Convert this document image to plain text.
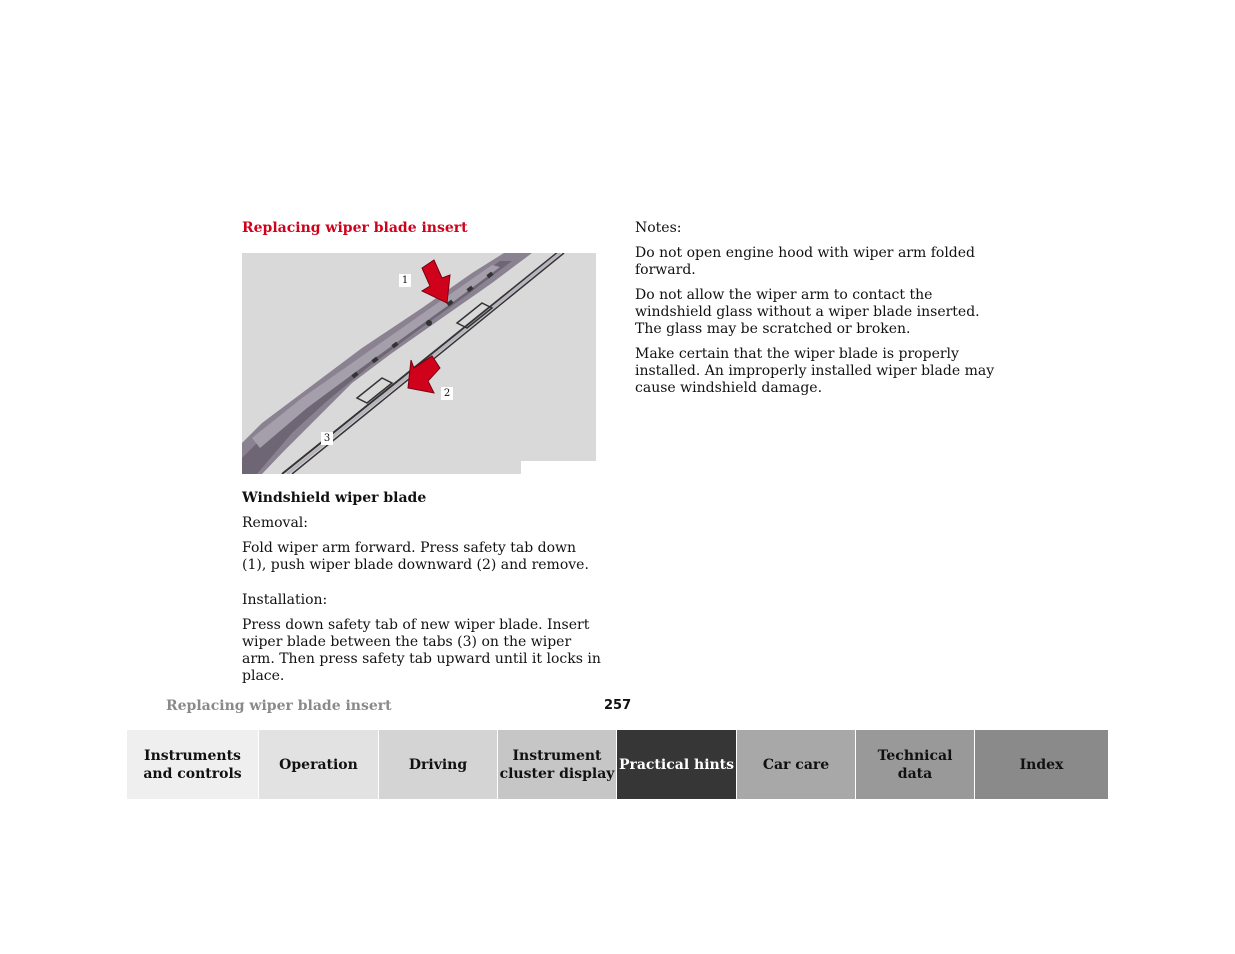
Replacing wiper blade insert
1
2
3
Windshield wiper blade
Removal:
Fold wiper arm forward. Press safety tab down (1), push wiper blade downward (2) and remove.
Installation:
Press down safety tab of new wiper blade. Insert wiper blade between the tabs (3) on the wiper arm. Then press safety tab upward until it locks in place.
Notes:
Do not open engine hood with wiper arm folded forward.
Do not allow the wiper arm to contact the windshield glass without a wiper blade inserted. The glass may be scratched or broken.
Make certain that the wiper blade is properly installed. An improperly installed wiper blade may cause windshield damage.
Replacing wiper blade insert	257
Instruments
and controls
Operation	Driving
Instrument
cluster display
Practical hints Car care
Technical
data
Index
